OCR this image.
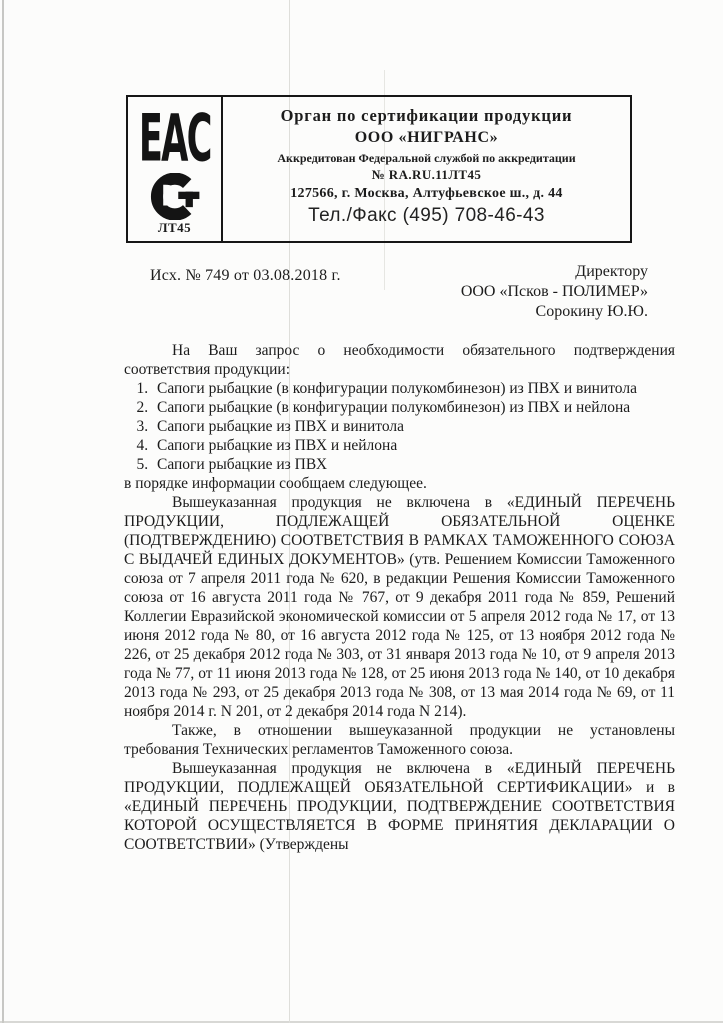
ЕАС
ЛТ45
Орган по сертификации продукции
ООО «НИГРАНС»
Аккредитован Федеральной службой по аккредитации
№ RA.RU.11ЛТ45
127566, г. Москва, Алтуфьевское ш., д. 44
Тел./Факс (495) 708-46-43
Исх. № 749 от 03.08.2018 г.	Директору
ООО «Псков - ПОЛИМЕР»
Сорокину Ю.Ю.

На Ваш запрос о необходимости обязательного подтверждения соответствия продукции:

1. Сапоги рыбацкие (в конфигурации полукомбинезон) из ПВХ и винитола
2. Сапоги рыбацкие (в конфигурации полукомбинезон) из ПВХ и нейлона
3. Сапоги рыбацкие из ПВХ и винитола
4. Сапоги рыбацкие из ПВХ и нейлона
5. Сапоги рыбацкие из ПВХ

в порядке информации сообщаем следующее.

Вышеуказанная продукция не включена в «ЕДИНЫЙ ПЕРЕЧЕНЬ ПРОДУКЦИИ, ПОДЛЕЖАЩЕЙ ОБЯЗАТЕЛЬНОЙ ОЦЕНКЕ (ПОДТВЕРЖДЕНИЮ) СООТВЕТСТВИЯ В РАМКАХ ТАМОЖЕННОГО СОЮЗА С ВЫДАЧЕЙ ЕДИНЫХ ДОКУМЕНТОВ» (утв. Решением Комиссии Таможенного союза от 7 апреля 2011 года № 620, в редакции Решения Комиссии Таможенного союза от 16 августа 2011 года № 767, от 9 декабря 2011 года № 859, Решений Коллегии Евразийской экономической комиссии от 5 апреля 2012 года № 17, от 13 июня 2012 года № 80, от 16 августа 2012 года № 125, от 13 ноября 2012 года № 226, от 25 декабря 2012 года № 303, от 31 января 2013 года № 10, от 9 апреля 2013 года № 77, от 11 июня 2013 года № 128, от 25 июня 2013 года № 140, от 10 декабря 2013 года № 293, от 25 декабря 2013 года № 308, от 13 мая 2014 года № 69, от 11 ноября 2014 г. N 201, от 2 декабря 2014 года N 214).

Также, в отношении вышеуказанной продукции не установлены требования Технических регламентов Таможенного союза.

Вышеуказанная продукция не включена в «ЕДИНЫЙ ПЕРЕЧЕНЬ ПРОДУКЦИИ, ПОДЛЕЖАЩЕЙ ОБЯЗАТЕЛЬНОЙ СЕРТИФИКАЦИИ» и в «ЕДИНЫЙ ПЕРЕЧЕНЬ ПРОДУКЦИИ, ПОДТВЕРЖДЕНИЕ СООТВЕТСТВИЯ КОТОРОЙ ОСУЩЕСТВЛЯЕТСЯ В ФОРМЕ ПРИНЯТИЯ ДЕКЛАРАЦИИ О СООТВЕТСТВИИ» (Утверждены
